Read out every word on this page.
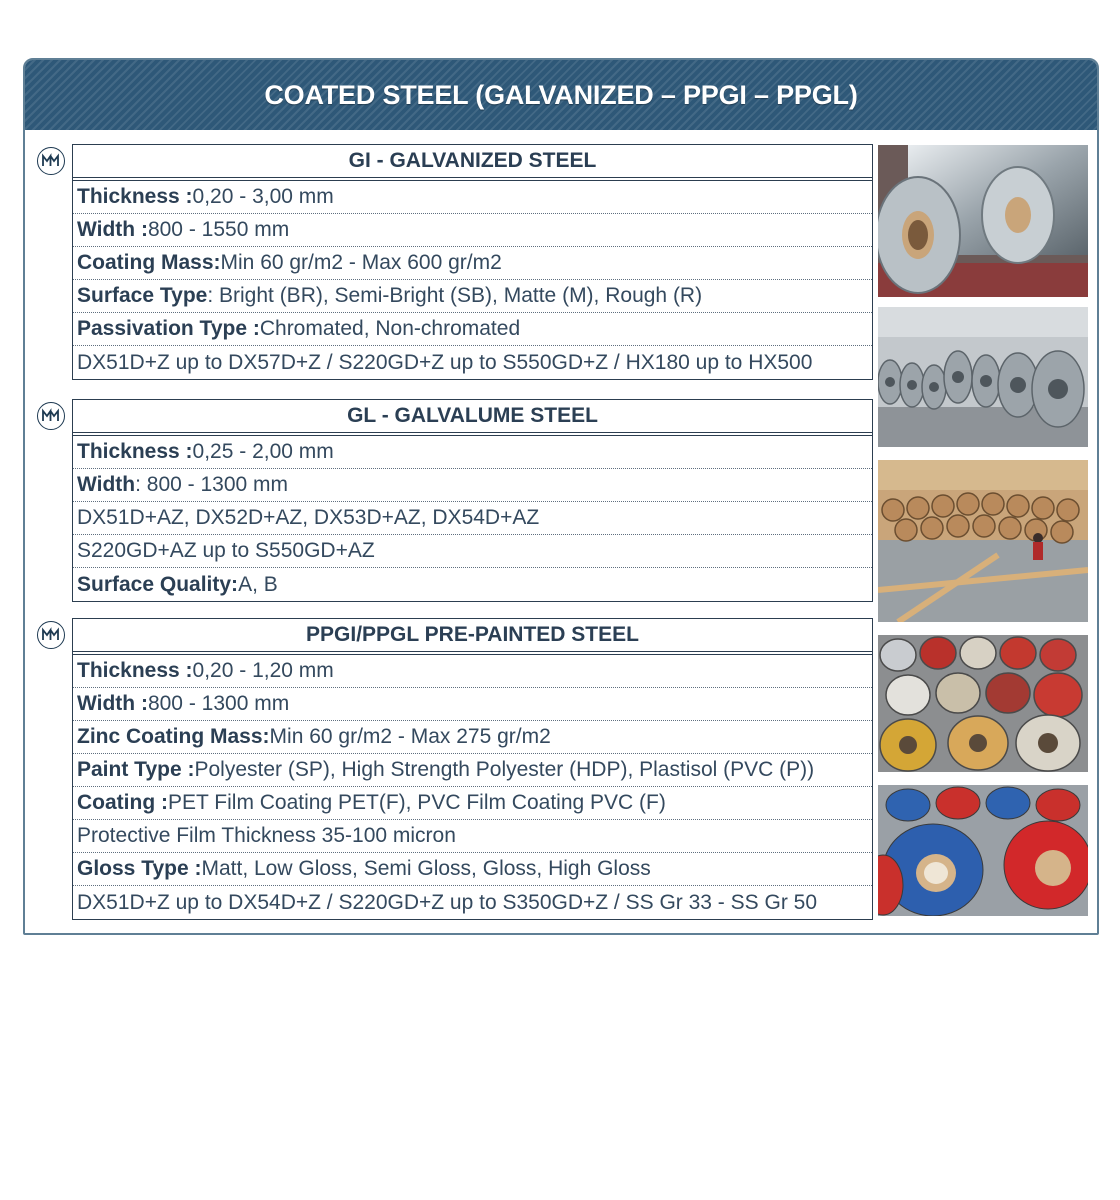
COATED STEEL (GALVANIZED – PPGI – PPGL)
GI - GALVANIZED STEEL
Thickness : 0,20 - 3,00 mm
Width : 800 - 1550 mm
Coating Mass: Min 60 gr/m2 - Max 600 gr/m2
Surface Type : Bright (BR), Semi-Bright (SB), Matte (M), Rough (R)
Passivation Type : Chromated, Non-chromated
DX51D+Z up to DX57D+Z / S220GD+Z up to S550GD+Z / HX180 up to HX500
GL - GALVALUME STEEL
Thickness : 0,25 - 2,00 mm
Width : 800 - 1300 mm
DX51D+AZ, DX52D+AZ, DX53D+AZ, DX54D+AZ
S220GD+AZ up to S550GD+AZ
Surface Quality: A, B
PPGI/PPGL PRE-PAINTED STEEL
Thickness : 0,20 - 1,20 mm
Width : 800 - 1300 mm
Zinc Coating Mass: Min 60 gr/m2 - Max 275 gr/m2
Paint Type : Polyester (SP), High Strength Polyester (HDP), Plastisol (PVC (P))
Coating : PET Film Coating PET(F), PVC Film Coating PVC (F)
Protective Film Thickness 35-100 micron
Gloss Type : Matt, Low Gloss, Semi Gloss, Gloss, High Gloss
DX51D+Z up to DX54D+Z / S220GD+Z up to S350GD+Z / SS Gr 33 - SS Gr 50
